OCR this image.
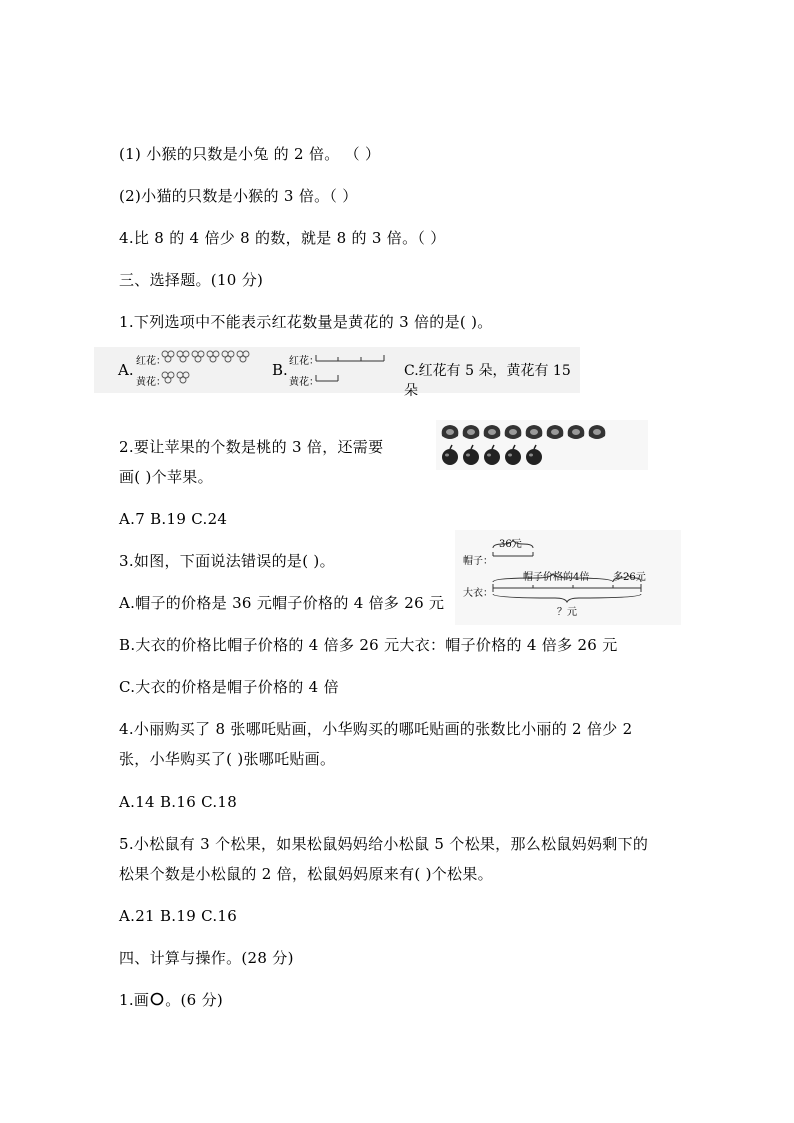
(1) 小猴的只数是小兔 的 2 倍。 （ ）
(2)小猫的只数是小猴的 3 倍。（ ）
4.比 8 的 4 倍少 8 的数，就是 8 的 3 倍。（ ）
三、选择题。(10 分)
1.下列选项中不能表示红花数量是黄花的 3 倍的是( )。
A. 红花：
黄花：
B. 红花：
黄花：
C.红花有 5 朵，黄花有 15 朵
2.要让苹果的个数是桃的 3 倍，还需要
画( )个苹果。
A.7 B.19 C.24
3.如图，下面说法错误的是( )。
A.帽子的价格是 36 元帽子价格的 4 倍多 26 元
B.大衣的价格比帽子价格的 4 倍多 26 元大衣：帽子价格的 4 倍多 26 元
C.大衣的价格是帽子价格的 4 倍
36元
帽子：
帽子价格的4倍 多26元
大衣：
？元
4.小丽购买了 8 张哪吒贴画，小华购买的哪吒贴画的张数比小丽的 2 倍少 2
张，小华购买了( )张哪吒贴画。
A.14 B.16 C.18
5.小松鼠有 3 个松果，如果松鼠妈妈给小松鼠 5 个松果，那么松鼠妈妈剩下的
松果个数是小松鼠的 2 倍，松鼠妈妈原来有( )个松果。
A.21 B.19 C.16
四、计算与操作。(28 分)
1.画 。(6 分)
